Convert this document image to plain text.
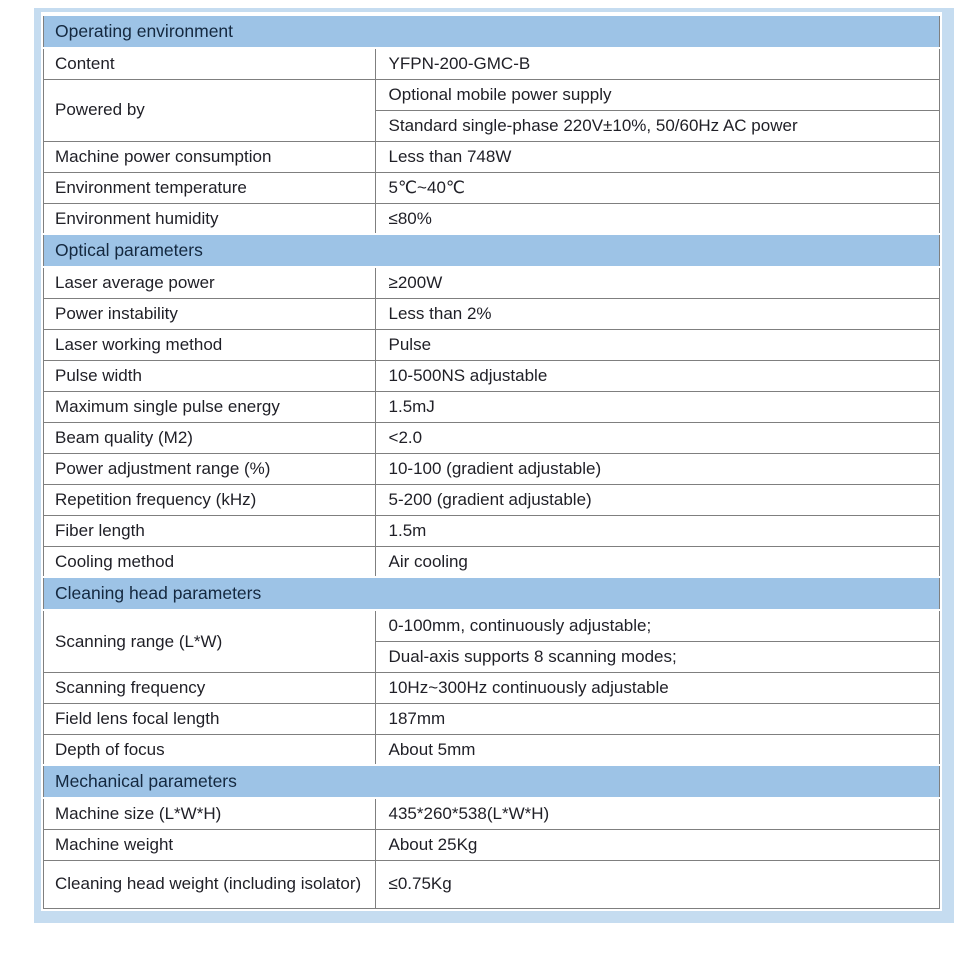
Operating environment	
Content	YFPN-200-GMC-B
Powered by	Optional mobile power supply
	Standard single-phase 220V±10%, 50/60Hz AC power
Machine power consumption	Less than 748W
Environment temperature	5℃~40℃
Environment humidity	≤80%
Optical parameters	
Laser average power	≥200W
Power instability	Less than 2%
Laser working method	Pulse
Pulse width	10-500NS adjustable
Maximum single pulse energy	1.5mJ
Beam quality (M2)	<2.0
Power adjustment range (%)	10-100 (gradient adjustable)
Repetition frequency (kHz)	5-200 (gradient adjustable)
Fiber length	1.5m
Cooling method	Air cooling
Cleaning head parameters	
Scanning range (L*W)	0-100mm, continuously adjustable;
	Dual-axis supports 8 scanning modes;
Scanning frequency	10Hz~300Hz continuously adjustable
Field lens focal length	187mm
Depth of focus	About 5mm
Mechanical parameters	
Machine size (L*W*H)	435*260*538(L*W*H)
Machine weight	About 25Kg
Cleaning head weight (including isolator)	≤0.75Kg
